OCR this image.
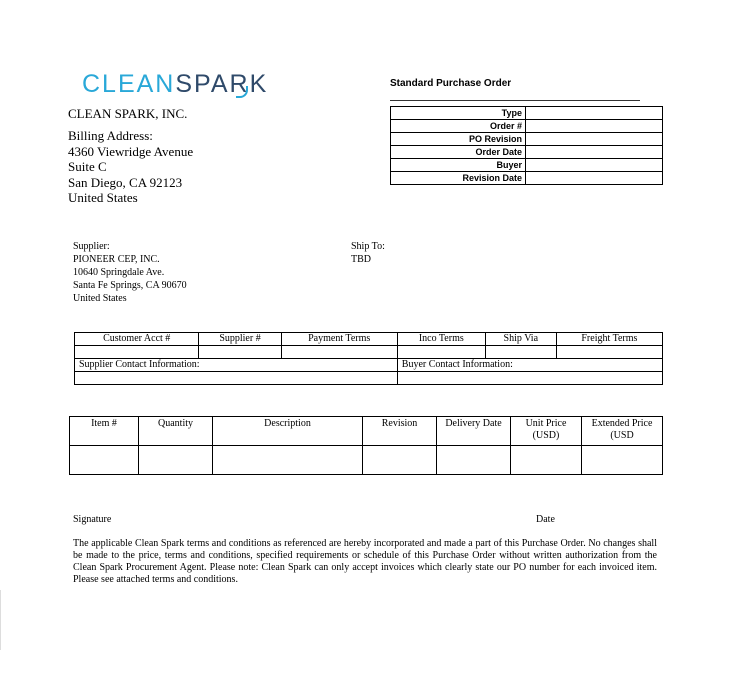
CLEANSPARK	Standard Purchase Order
CLEAN SPARK, INC.
Billing Address:
4360 Viewridge Avenue
Suite C
San Diego, CA 92123
United States
Type	
Order #	
PO Revision	
Order Date	
Buyer	
Revision Date	
Supplier:
PIONEER CEP, INC.
10640 Springdale Ave.
Santa Fe Springs, CA 90670
United States
Ship To:
TBD
Customer Acct #	Supplier #	Payment Terms	Inco Terms	Ship Via	Freight Terms

Supplier Contact Information:			Buyer Contact Information:		

Item #	Quantity	Description	Revision	Delivery Date	Unit Price (USD)	Extended Price (USD

Signature	Date
The applicable Clean Spark terms and conditions as referenced are hereby incorporated and made a part of this Purchase Order. No changes shall be made to the price, terms and conditions, specified requirements or schedule of this Purchase Order without written authorization from the Clean Spark Procurement Agent. Please note: Clean Spark can only accept invoices which clearly state our PO number for each invoiced item. Please see attached terms and conditions.
